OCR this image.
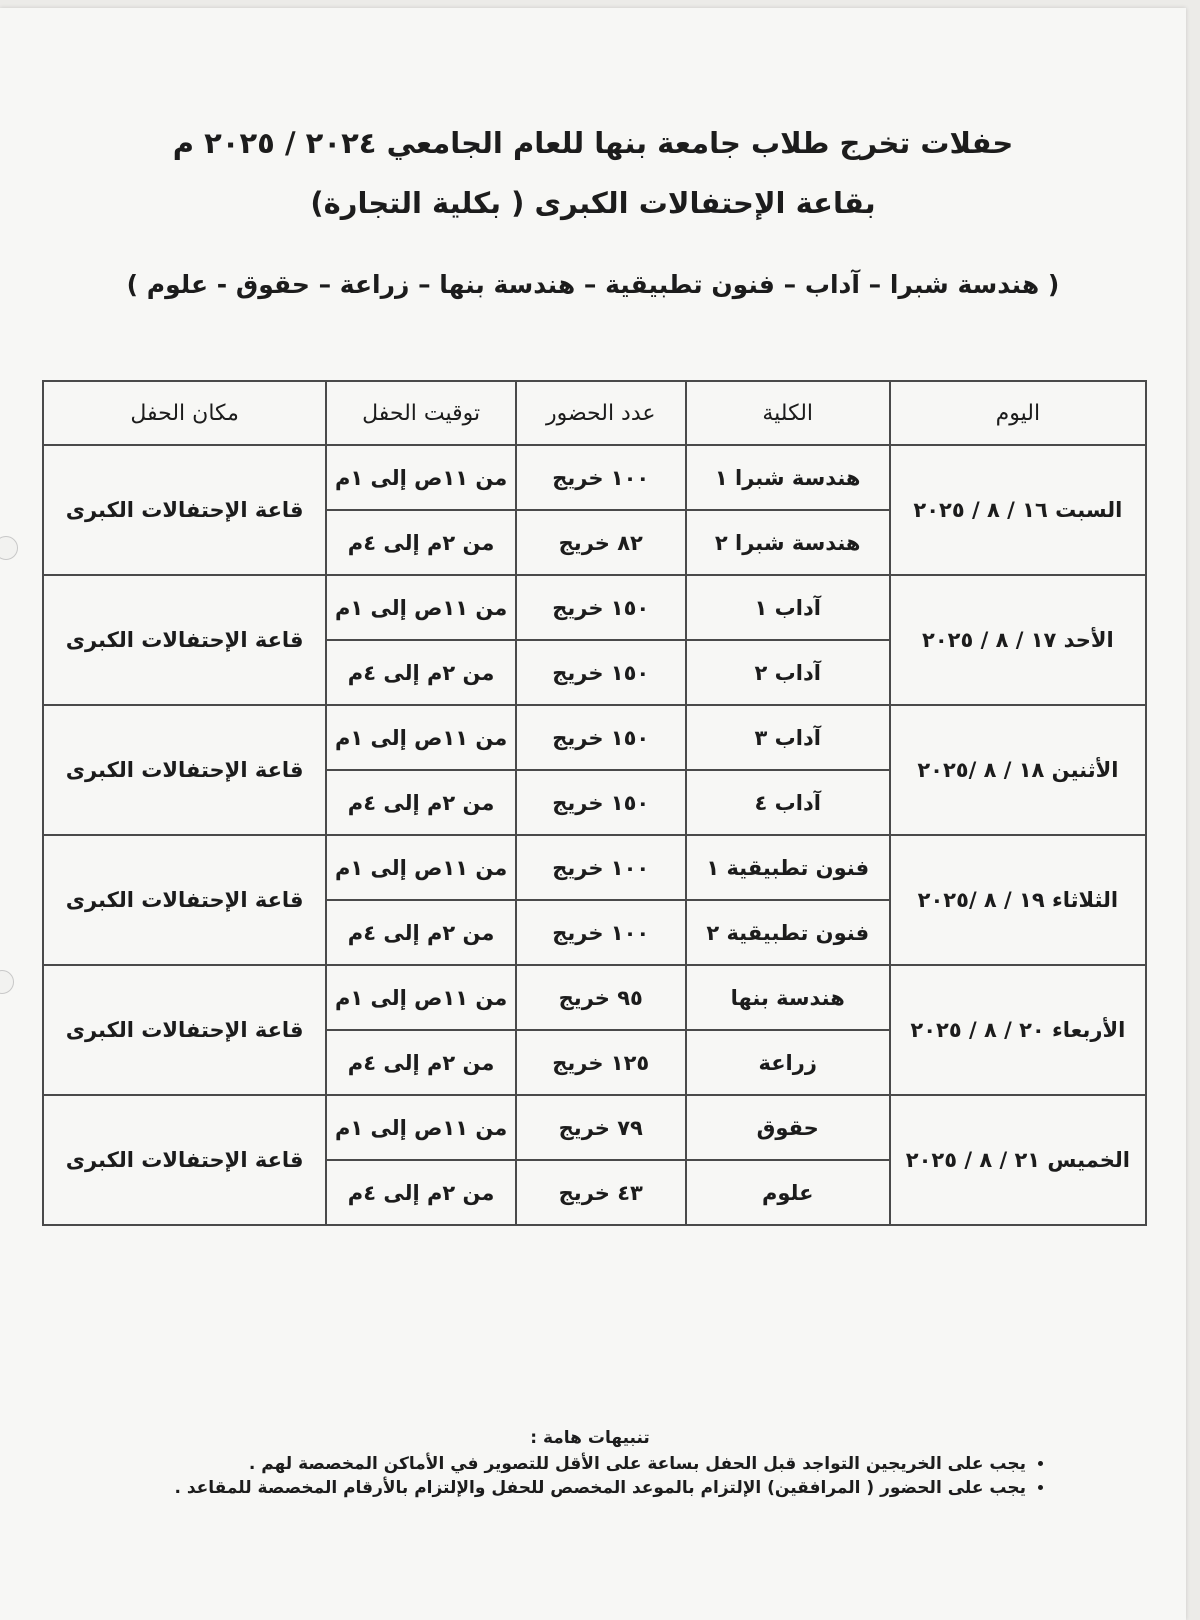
حفلات تخرج طلاب جامعة بنها للعام الجامعي ٢٠٢٤ / ٢٠٢٥ م
بقاعة الإحتفالات الكبرى ( بكلية التجارة)
( هندسة شبرا – آداب – فنون تطبيقية – هندسة بنها – زراعة – حقوق - علوم )
اليوم	الكلية	عدد الحضور	توقيت الحفل	مكان الحفل
السبت ١٦ / ٨ / ٢٠٢٥	هندسة شبرا ١	١٠٠ خريج	من ١١ص إلى ١م	قاعة الإحتفالات الكبرى
	هندسة شبرا ٢	٨٢ خريج	من ٢م إلى ٤م	
الأحد ١٧ / ٨ / ٢٠٢٥	آداب ١	١٥٠ خريج	من ١١ص إلى ١م	قاعة الإحتفالات الكبرى
	آداب ٢	١٥٠ خريج	من ٢م إلى ٤م	
الأثنين ١٨ / ٨ /٢٠٢٥	آداب ٣	١٥٠ خريج	من ١١ص إلى ١م	قاعة الإحتفالات الكبرى
	آداب ٤	١٥٠ خريج	من ٢م إلى ٤م	
الثلاثاء ١٩ / ٨ /٢٠٢٥	فنون تطبيقية ١	١٠٠ خريج	من ١١ص إلى ١م	قاعة الإحتفالات الكبرى
	فنون تطبيقية ٢	١٠٠ خريج	من ٢م إلى ٤م	
الأربعاء ٢٠ / ٨ / ٢٠٢٥	هندسة بنها	٩٥ خريج	من ١١ص إلى ١م	قاعة الإحتفالات الكبرى
	زراعة	١٢٥ خريج	من ٢م إلى ٤م	
الخميس ٢١ / ٨ / ٢٠٢٥	حقوق	٧٩ خريج	من ١١ص إلى ١م	قاعة الإحتفالات الكبرى
	علوم	٤٣ خريج	من ٢م إلى ٤م	
تنبيهات هامة :
• يجب على الخريجين التواجد قبل الحفل بساعة على الأقل للتصوير في الأماكن المخصصة لهم .
• يجب على الحضور ( المرافقين) الإلتزام بالموعد المخصص للحفل والإلتزام بالأرقام المخصصة للمقاعد .
